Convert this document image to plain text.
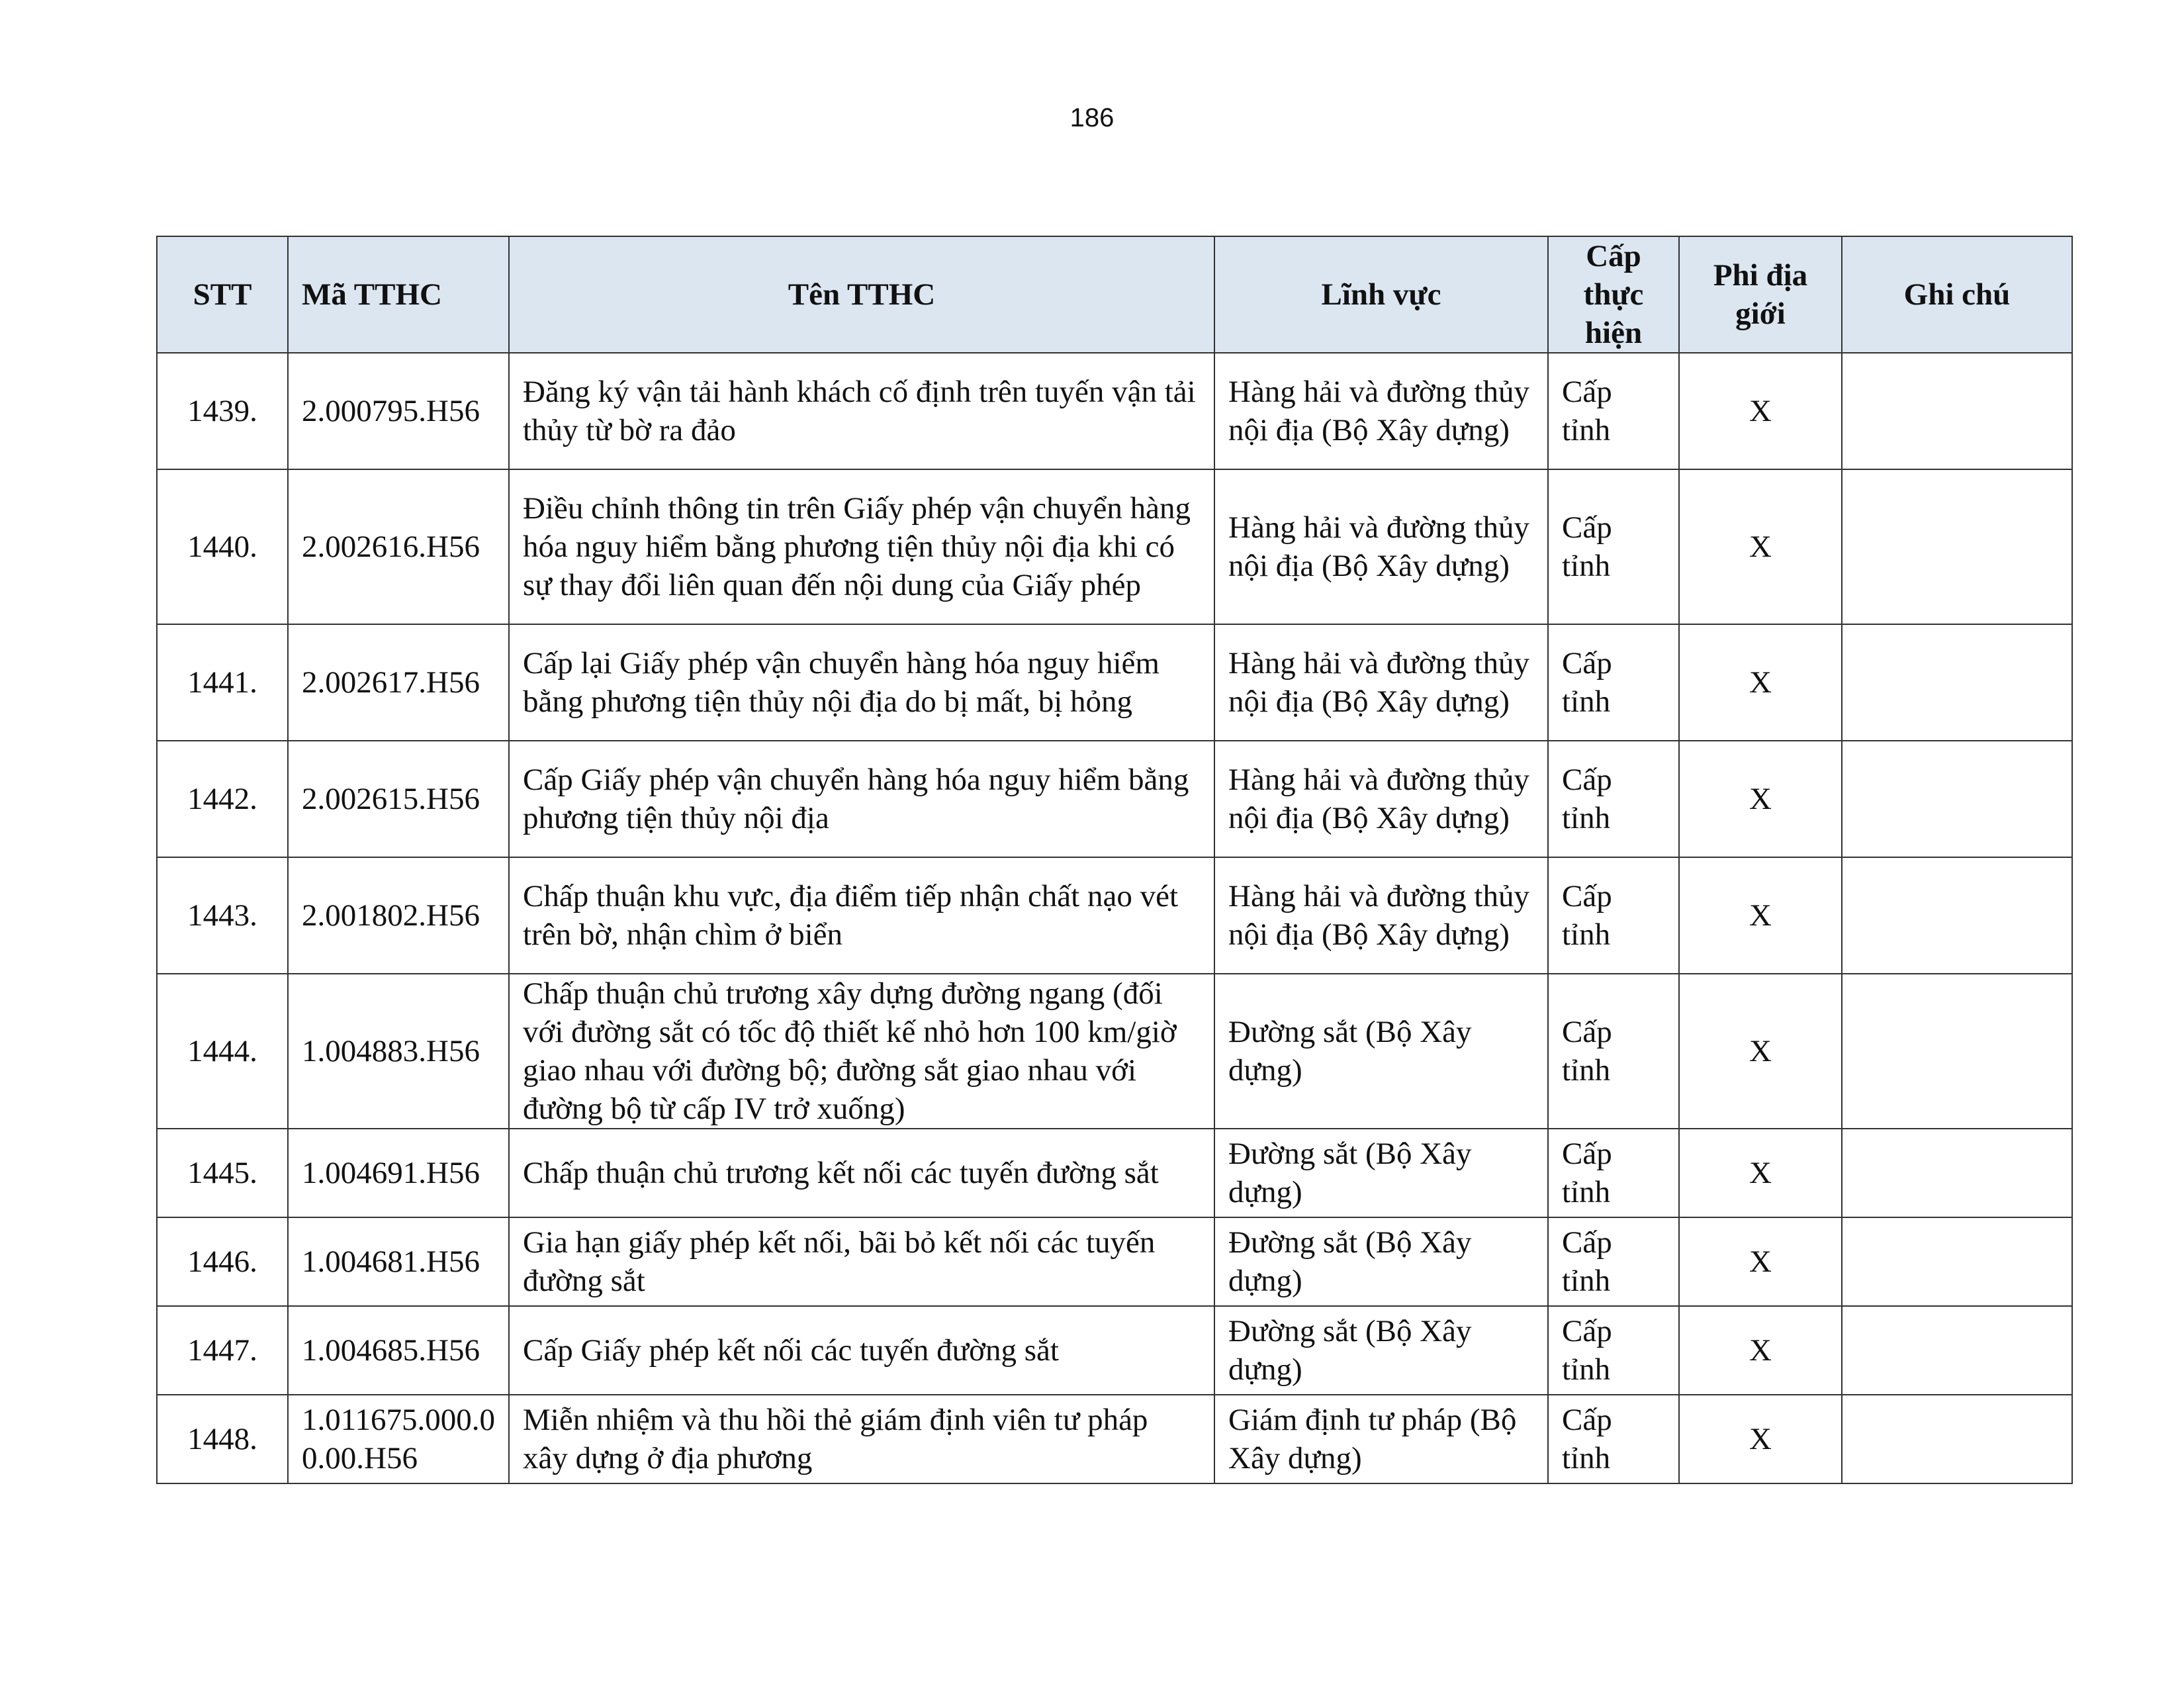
186
STT	Mã TTHC	Tên TTHC	Lĩnh vực	Cấp thực hiện	Phi địa giới	Ghi chú
1439.	2.000795.H56	Đăng ký vận tải hành khách cố định trên tuyến vận tải thủy từ bờ ra đảo	Hàng hải và đường thủy nội địa (Bộ Xây dựng)	Cấp tỉnh	X	
1440.	2.002616.H56	Điều chỉnh thông tin trên Giấy phép vận chuyển hàng hóa nguy hiểm bằng phương tiện thủy nội địa khi có sự thay đổi liên quan đến nội dung của Giấy phép	Hàng hải và đường thủy nội địa (Bộ Xây dựng)	Cấp tỉnh	X	
1441.	2.002617.H56	Cấp lại Giấy phép vận chuyển hàng hóa nguy hiểm bằng phương tiện thủy nội địa do bị mất, bị hỏng	Hàng hải và đường thủy nội địa (Bộ Xây dựng)	Cấp tỉnh	X	
1442.	2.002615.H56	Cấp Giấy phép vận chuyển hàng hóa nguy hiểm bằng phương tiện thủy nội địa	Hàng hải và đường thủy nội địa (Bộ Xây dựng)	Cấp tỉnh	X	
1443.	2.001802.H56	Chấp thuận khu vực, địa điểm tiếp nhận chất nạo vét trên bờ, nhận chìm ở biển	Hàng hải và đường thủy nội địa (Bộ Xây dựng)	Cấp tỉnh	X	
1444.	1.004883.H56	Chấp thuận chủ trương xây dựng đường ngang (đối với đường sắt có tốc độ thiết kế nhỏ hơn 100 km/giờ giao nhau với đường bộ; đường sắt giao nhau với đường bộ từ cấp IV trở xuống)	Đường sắt (Bộ Xây dựng)	Cấp tỉnh	X	
1445.	1.004691.H56	Chấp thuận chủ trương kết nối các tuyến đường sắt	Đường sắt (Bộ Xây dựng)	Cấp tỉnh	X	
1446.	1.004681.H56	Gia hạn giấy phép kết nối, bãi bỏ kết nối các tuyến đường sắt	Đường sắt (Bộ Xây dựng)	Cấp tỉnh	X	
1447.	1.004685.H56	Cấp Giấy phép kết nối các tuyến đường sắt	Đường sắt (Bộ Xây dựng)	Cấp tỉnh	X	
1448.	1.011675.000.00.00.H56	Miễn nhiệm và thu hồi thẻ giám định viên tư pháp xây dựng ở địa phương	Giám định tư pháp (Bộ Xây dựng)	Cấp tỉnh	X	
